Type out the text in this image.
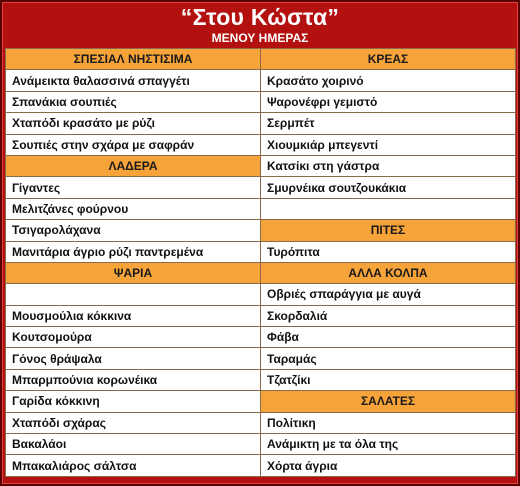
“Στου Κώστα”
ΜΕΝΟΥ ΗΜΕΡΑΣ
ΣΠΕΣΙΑΛ ΝΗΣΤΙΣΙΜΑ	ΚΡΕΑΣ
Ανάμεικτα θαλασσινά σπαγγέτι	Κρασάτο χοιρινό
Σπανάκια σουπιές	Ψαρονέφρι γεμιστό
Χταπόδι κρασάτο με ρύζι	Σερμπέτ
Σουπιές στην σχάρα με σαφράν	Χιουμκιάρ μπεγεντί
ΛΑΔΕΡΑ	Κατσίκι στη γάστρα
Γίγαντες	Σμυρνέικα σουτζουκάκια
Μελιτζάνες φούρνου	
Τσιγαρολάχανα	ΠΙΤΕΣ
Μανιτάρια άγριο ρύζι παντρεμένα	Τυρόπιτα
ΨΑΡΙΑ	ΑΛΛΑ ΚΟΛΠΑ
	Οβριές σπαράγγια με αυγά
Μουσμούλια κόκκινα	Σκορδαλιά
Κουτσομούρα	Φάβα
Γόνος θράψαλα	Ταραμάς
Μπαρμπούνια κορωνέικα	Τζατζίκι
Γαρίδα κόκκινη	ΣΑΛΑΤΕΣ
Χταπόδι σχάρας	Πολίτικη
Βακαλάοι	Ανάμικτη με τα όλα της
Μπακαλιάρος σάλτσα	Χόρτα άγρια
